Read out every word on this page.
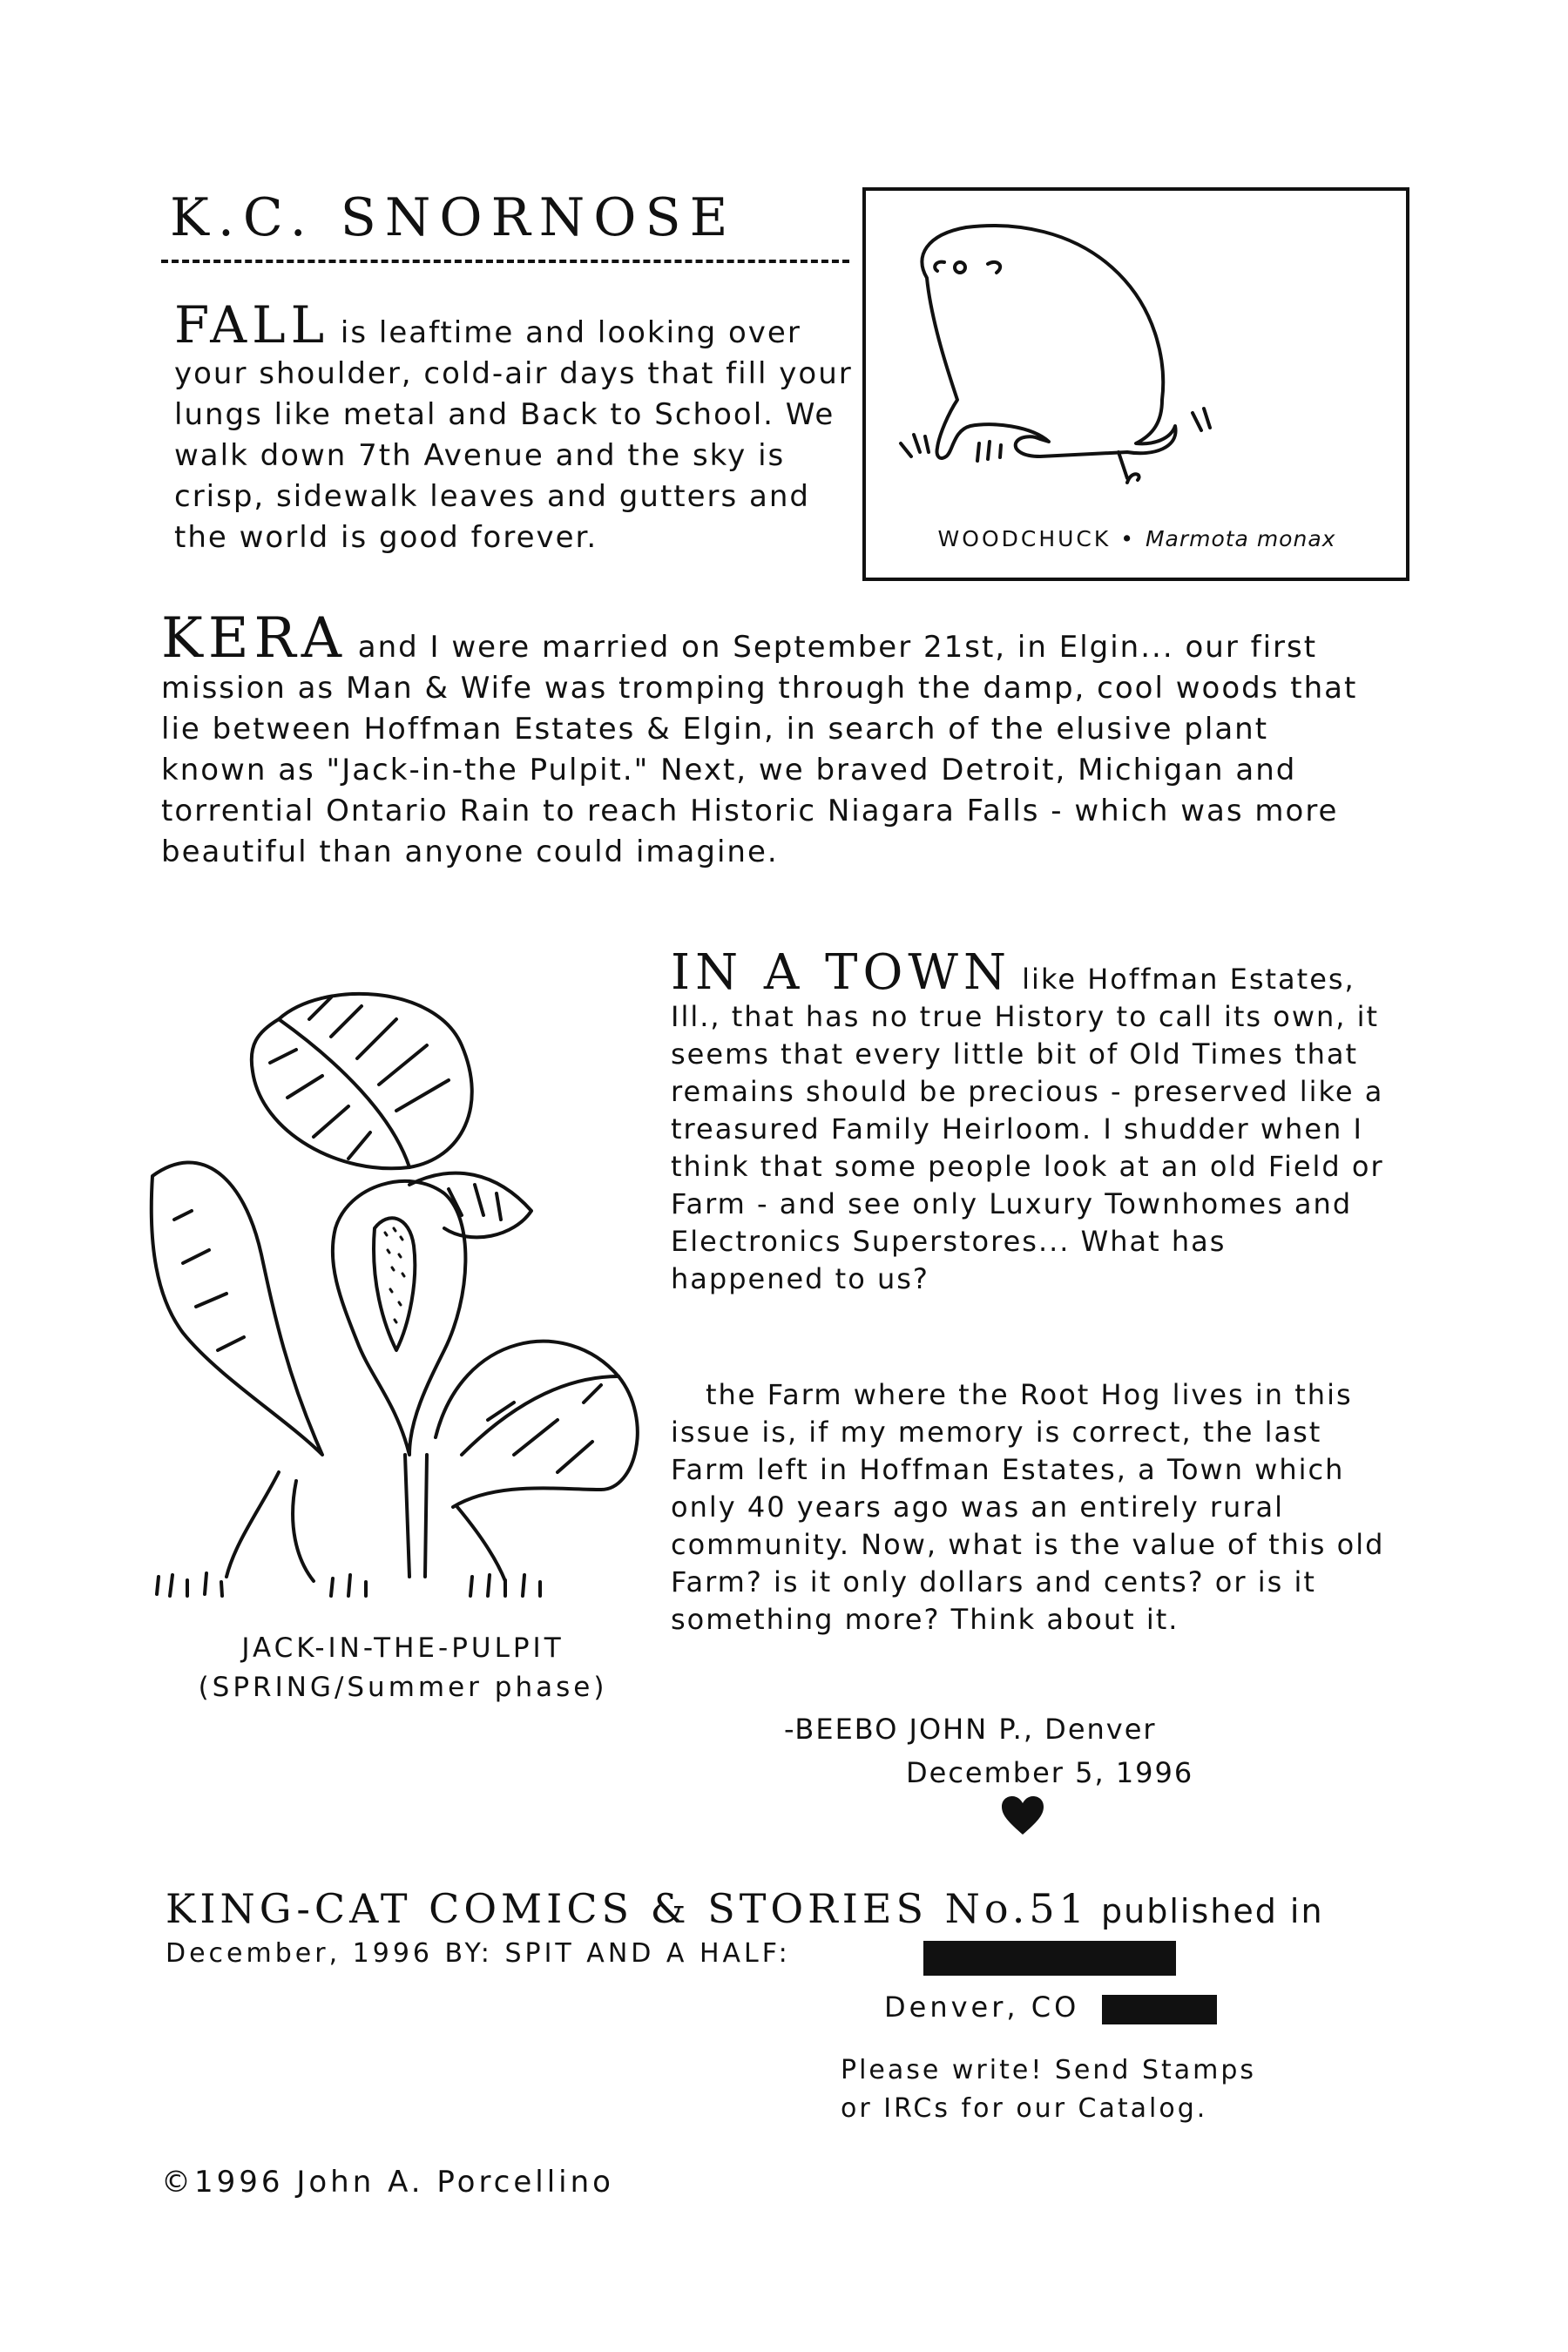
K.C. SNORNOSE
FALL is leaftime and looking over your shoulder, cold-air days that fill your lungs like metal and Back to School. We walk down 7th Avenue and the sky is crisp, sidewalk leaves and gutters and the world is good forever.	WOODCHUCK • Marmota monax
KERA and I were married on September 21st, in Elgin... our first mission as Man & Wife was tromping through the damp, cool woods that lie between Hoffman Estates & Elgin, in search of the elusive plant known as "Jack-in-the Pulpit." Next, we braved Detroit, Michigan and torrential Ontario Rain to reach Historic Niagara Falls - which was more beautiful than anyone could imagine.
JACK-IN-THE-PULPIT
(SPRING/Summer phase)
IN A TOWN like Hoffman Estates, Ill., that has no true History to call its own, it seems that every little bit of Old Times that remains should be precious - preserved like a treasured Family Heirloom. I shudder when I think that some people look at an old Field or Farm - and see only Luxury Townhomes and Electronics Superstores... What has happened to us?
the Farm where the Root Hog lives in this issue is, if my memory is correct, the last Farm left in Hoffman Estates, a Town which only 40 years ago was an entirely rural community. Now, what is the value of this old Farm? is it only dollars and cents? or is it something more? Think about it.
-BEEBO JOHN P., Denver
December 5, 1996
KING-CAT COMICS & STORIES No.51 published in
December, 1996 BY: SPIT AND A HALF:
Denver, CO
Please write! Send Stamps
or IRCs for our Catalog.
©1996 John A. Porcellino
